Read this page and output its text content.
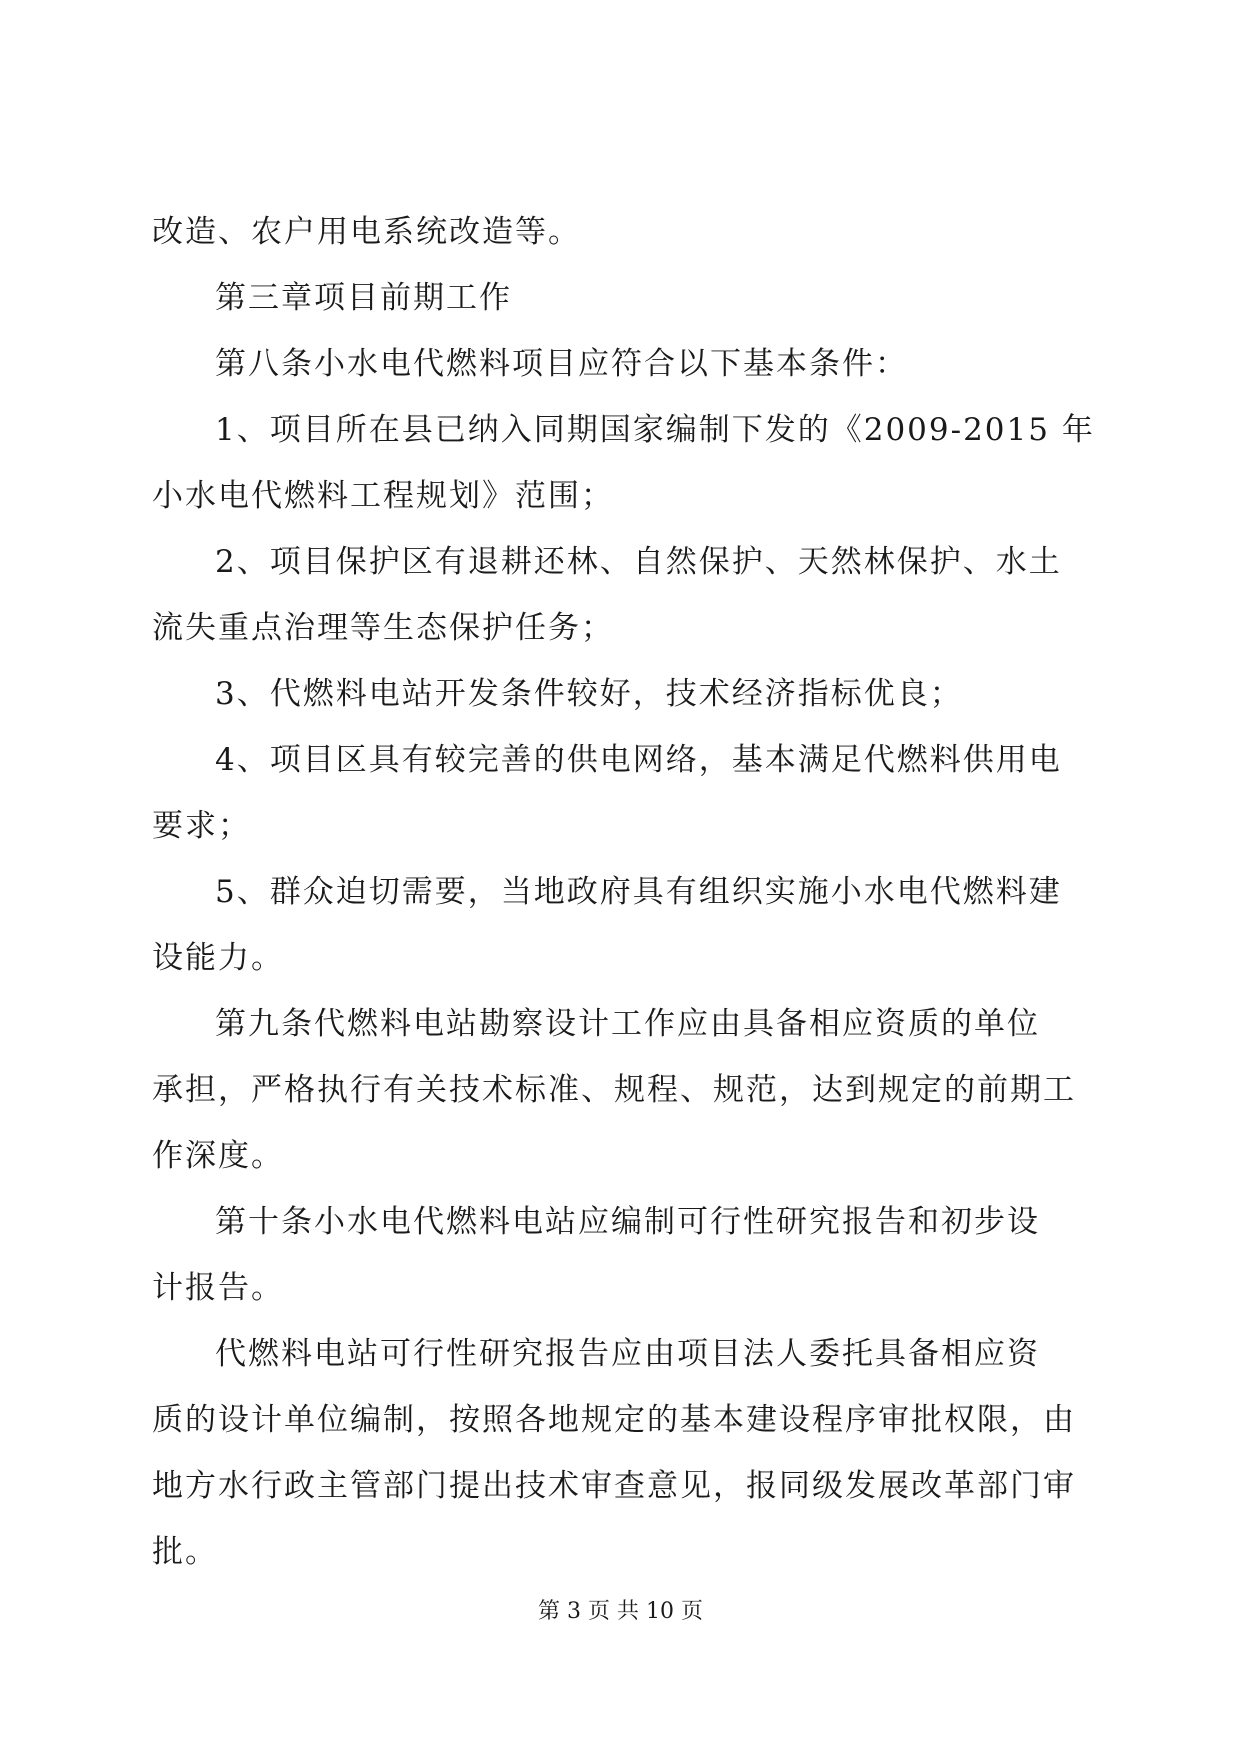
改造、农户用电系统改造等。
第三章项目前期工作
第八条小水电代燃料项目应符合以下基本条件：
1、项目所在县已纳入同期国家编制下发的《2009-2015 年
小水电代燃料工程规划》范围；
2、项目保护区有退耕还林、自然保护、天然林保护、水土
流失重点治理等生态保护任务；
3、代燃料电站开发条件较好，技术经济指标优良；
4、项目区具有较完善的供电网络，基本满足代燃料供用电
要求；
5、群众迫切需要，当地政府具有组织实施小水电代燃料建
设能力。
第九条代燃料电站勘察设计工作应由具备相应资质的单位
承担，严格执行有关技术标准、规程、规范，达到规定的前期工
作深度。
第十条小水电代燃料电站应编制可行性研究报告和初步设
计报告。
代燃料电站可行性研究报告应由项目法人委托具备相应资
质的设计单位编制，按照各地规定的基本建设程序审批权限，由
地方水行政主管部门提出技术审查意见，报同级发展改革部门审
批。
第 3 页 共 10 页
